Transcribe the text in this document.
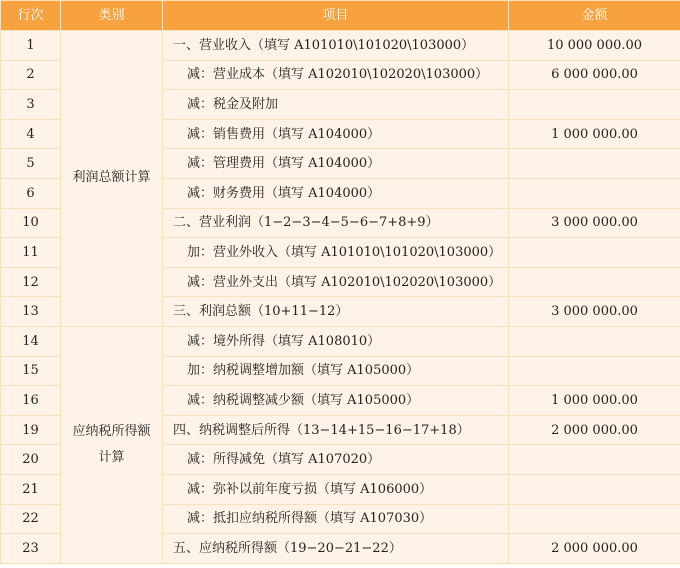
行次	类别	项目	金额
1	利润总额计算	一、营业收入（填写 A101010\101020\103000）	10 000 000.00
2		减：营业成本（填写 A102010\102020\103000）	6 000 000.00
3		减：税金及附加	
4		减：销售费用（填写 A104000）	1 000 000.00
5		减：管理费用（填写 A104000）	
6		减：财务费用（填写 A104000）	
10		二、营业利润（1−2−3−4−5−6−7+8+9）	3 000 000.00
11		加：营业外收入（填写 A101010\101020\103000）	
12		减：营业外支出（填写 A102010\102020\103000）	
13		三、利润总额（10+11−12）	3 000 000.00
14	应纳税所得额计算	减：境外所得（填写 A108010）	
15		加：纳税调整增加额（填写 A105000）	
16		减：纳税调整减少额（填写 A105000）	1 000 000.00
19		四、纳税调整后所得（13−14+15−16−17+18）	2 000 000.00
20		减：所得减免（填写 A107020）	
21		减：弥补以前年度亏损（填写 A106000）	
22		减：抵扣应纳税所得额（填写 A107030）	
23		五、应纳税所得额（19−20−21−22）	2 000 000.00
